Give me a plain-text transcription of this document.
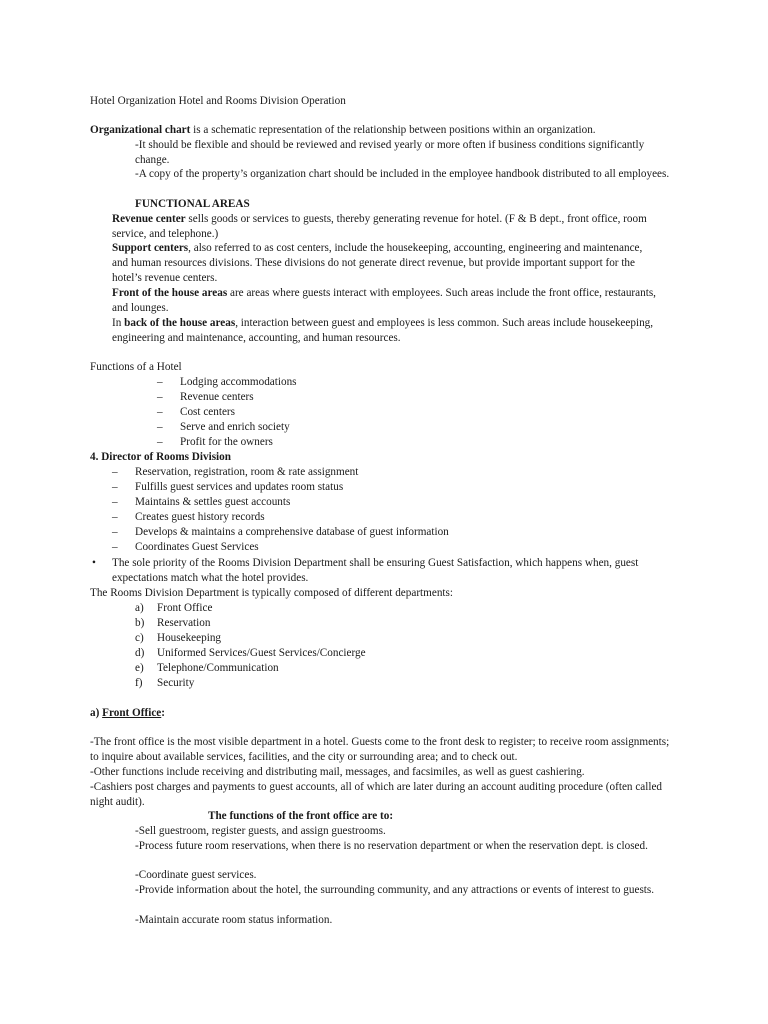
Hotel Organization Hotel and Rooms Division Operation
Organizational chart is a schematic representation of the relationship between positions within an organization.
-It should be flexible and should be reviewed and revised yearly or more often if business conditions significantly change.
-A copy of the property’s organization chart should be included in the employee handbook distributed to all employees.
FUNCTIONAL AREAS
Revenue center sells goods or services to guests, thereby generating revenue for hotel. (F & B dept., front office, room service, and telephone.)
Support centers, also referred to as cost centers, include the housekeeping, accounting, engineering and maintenance, and human resources divisions. These divisions do not generate direct revenue, but provide important support for the hotel’s revenue centers.
Front of the house areas are areas where guests interact with employees. Such areas include the front office, restaurants, and lounges.
In back of the house areas, interaction between guest and employees is less common. Such areas include housekeeping, engineering and maintenance, accounting, and human resources.
Functions of a Hotel
– Lodging accommodations
– Revenue centers
– Cost centers
– Serve and enrich society
– Profit for the owners
4. Director of Rooms Division
– Reservation, registration, room & rate assignment
– Fulfills guest services and updates room status
– Maintains & settles guest accounts
– Creates guest history records
– Develops & maintains a comprehensive database of guest information
– Coordinates Guest Services
• The sole priority of the Rooms Division Department shall be ensuring Guest Satisfaction, which happens when, guest expectations match what the hotel provides.
The Rooms Division Department is typically composed of different departments:
a) Front Office
b) Reservation
c) Housekeeping
d) Uniformed Services/Guest Services/Concierge
e) Telephone/Communication
f) Security
a) Front Office:
-The front office is the most visible department in a hotel. Guests come to the front desk to register; to receive room assignments; to inquire about available services, facilities, and the city or surrounding area; and to check out.
-Other functions include receiving and distributing mail, messages, and facsimiles, as well as guest cashiering.
-Cashiers post charges and payments to guest accounts, all of which are later during an account auditing procedure (often called night audit).
The functions of the front office are to:
-Sell guestroom, register guests, and assign guestrooms.
-Process future room reservations, when there is no reservation department or when the reservation dept. is closed.
-Coordinate guest services.
-Provide information about the hotel, the surrounding community, and any attractions or events of interest to guests.
-Maintain accurate room status information.
